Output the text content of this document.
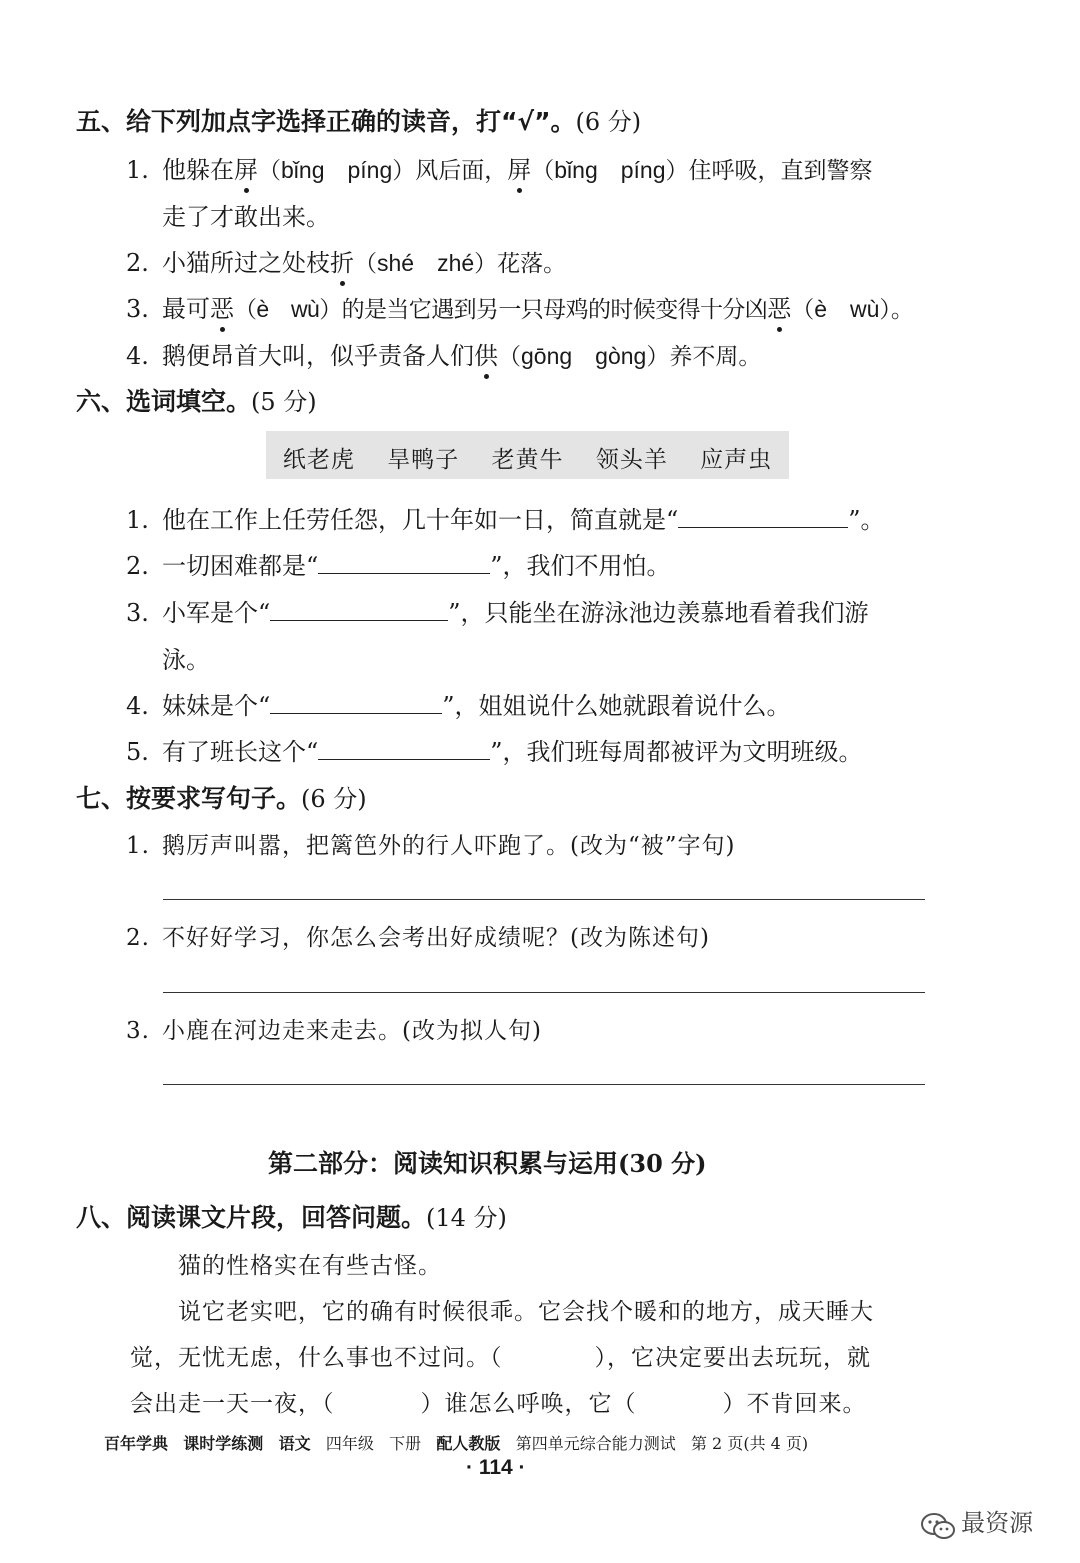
五、给下列加点字选择正确的读音，打“√”。(6 分)
1. 他躲在屏（bǐng　píng）风后面，屏（bǐng　píng）住呼吸，直到警察
走了才敢出来。
2. 小猫所过之处枝折（shé　zhé）花落。
3. 最可恶（è　wù）的是当它遇到另一只母鸡的时候变得十分凶恶（è　wù）。
4. 鹅便昂首大叫，似乎责备人们供（gōng　gòng）养不周。
六、选词填空。(5 分)
纸老虎 旱鸭子 老黄牛 领头羊 应声虫
1. 他在工作上任劳任怨，几十年如一日，简直就是“	”。
2. 一切困难都是“	”，我们不用怕。
3. 小军是个“	”，只能坐在游泳池边羡慕地看着我们游
泳。
4. 妹妹是个“	”，姐姐说什么她就跟着说什么。
5. 有了班长这个“	”，我们班每周都被评为文明班级。
七、按要求写句子。(6 分)
1. 鹅厉声叫嚣，把篱笆外的行人吓跑了。(改为“被”字句)
2. 不好好学习，你怎么会考出好成绩呢？(改为陈述句)
3. 小鹿在河边走来走去。(改为拟人句)
第二部分：阅读知识积累与运用(30 分)
八、阅读课文片段，回答问题。(14 分)
猫的性格实在有些古怪。
说它老实吧，它的确有时候很乖。它会找个暖和的地方，成天睡大
觉，无忧无虑，什么事也不过问。（	），它决定要出去玩玩，就
会出走一天一夜，（	）谁怎么呼唤，它（	）不肯回来。
百年学典 课时学练测 语文 四年级 下册 配人教版 第四单元综合能力测试 第 2 页(共 4 页)
· 114 ·
最资源
